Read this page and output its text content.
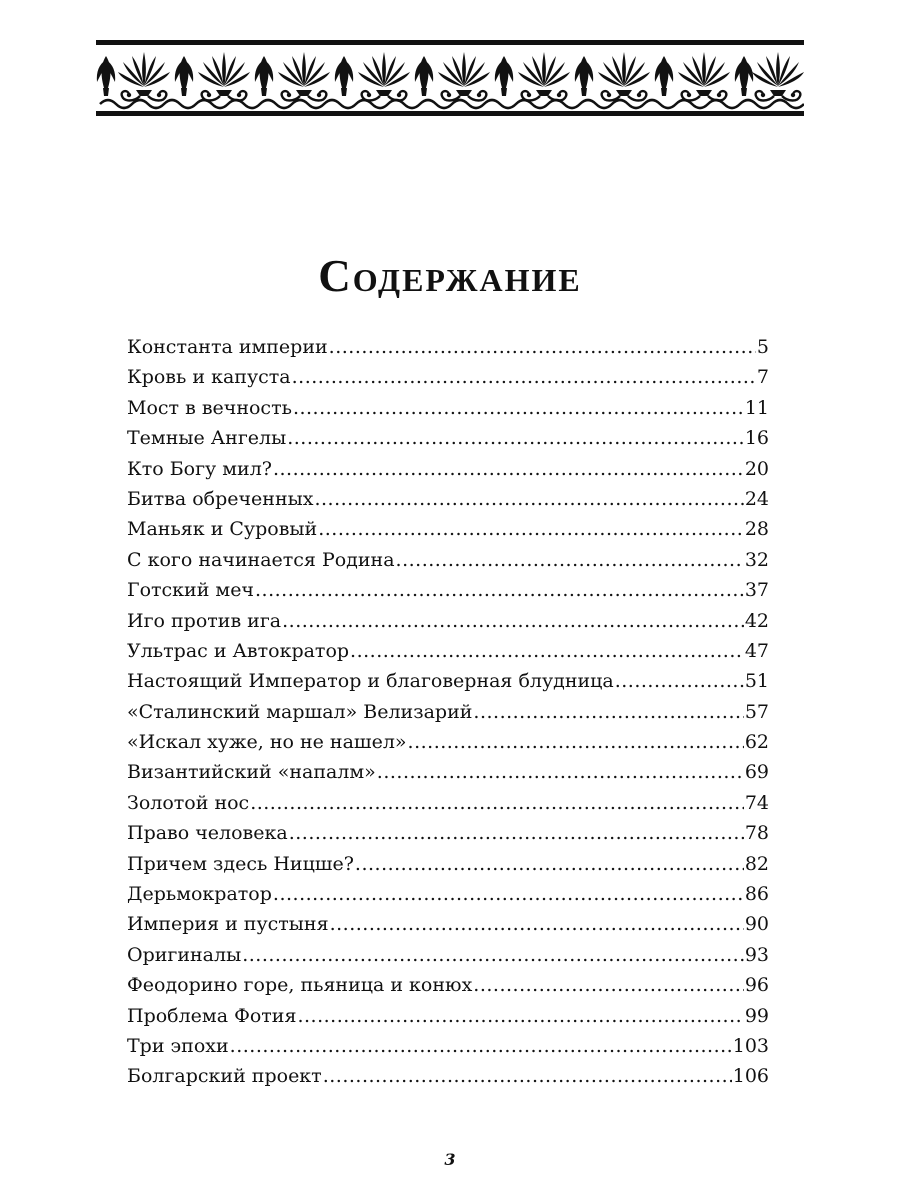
Содержание
Константа империи .....	5
Кровь и капуста .....	7
Мост в вечность .....	11
Темные Ангелы .....	16
Кто Богу мил? .....	20
Битва обреченных .....	24
Маньяк и Суровый .....	28
С кого начинается Родина .....	32
Готский меч .....	37
Иго против ига .....	42
Ультрас и Автократор .....	47
Настоящий Император и благоверная блудница .....	51
«Сталинский маршал» Велизарий .....	57
«Искал хуже, но не нашел» .....	62
Византийский «напалм» .....	69
Золотой нос .....	74
Право человека .....	78
Причем здесь Ницше? .....	82
Дерьмократор .....	86
Империя и пустыня .....	90
Оригиналы .....	93
Феодорино горе, пьяница и конюх .....	96
Проблема Фотия .....	99
Три эпохи .....	103
Болгарский проект .....	106
3
